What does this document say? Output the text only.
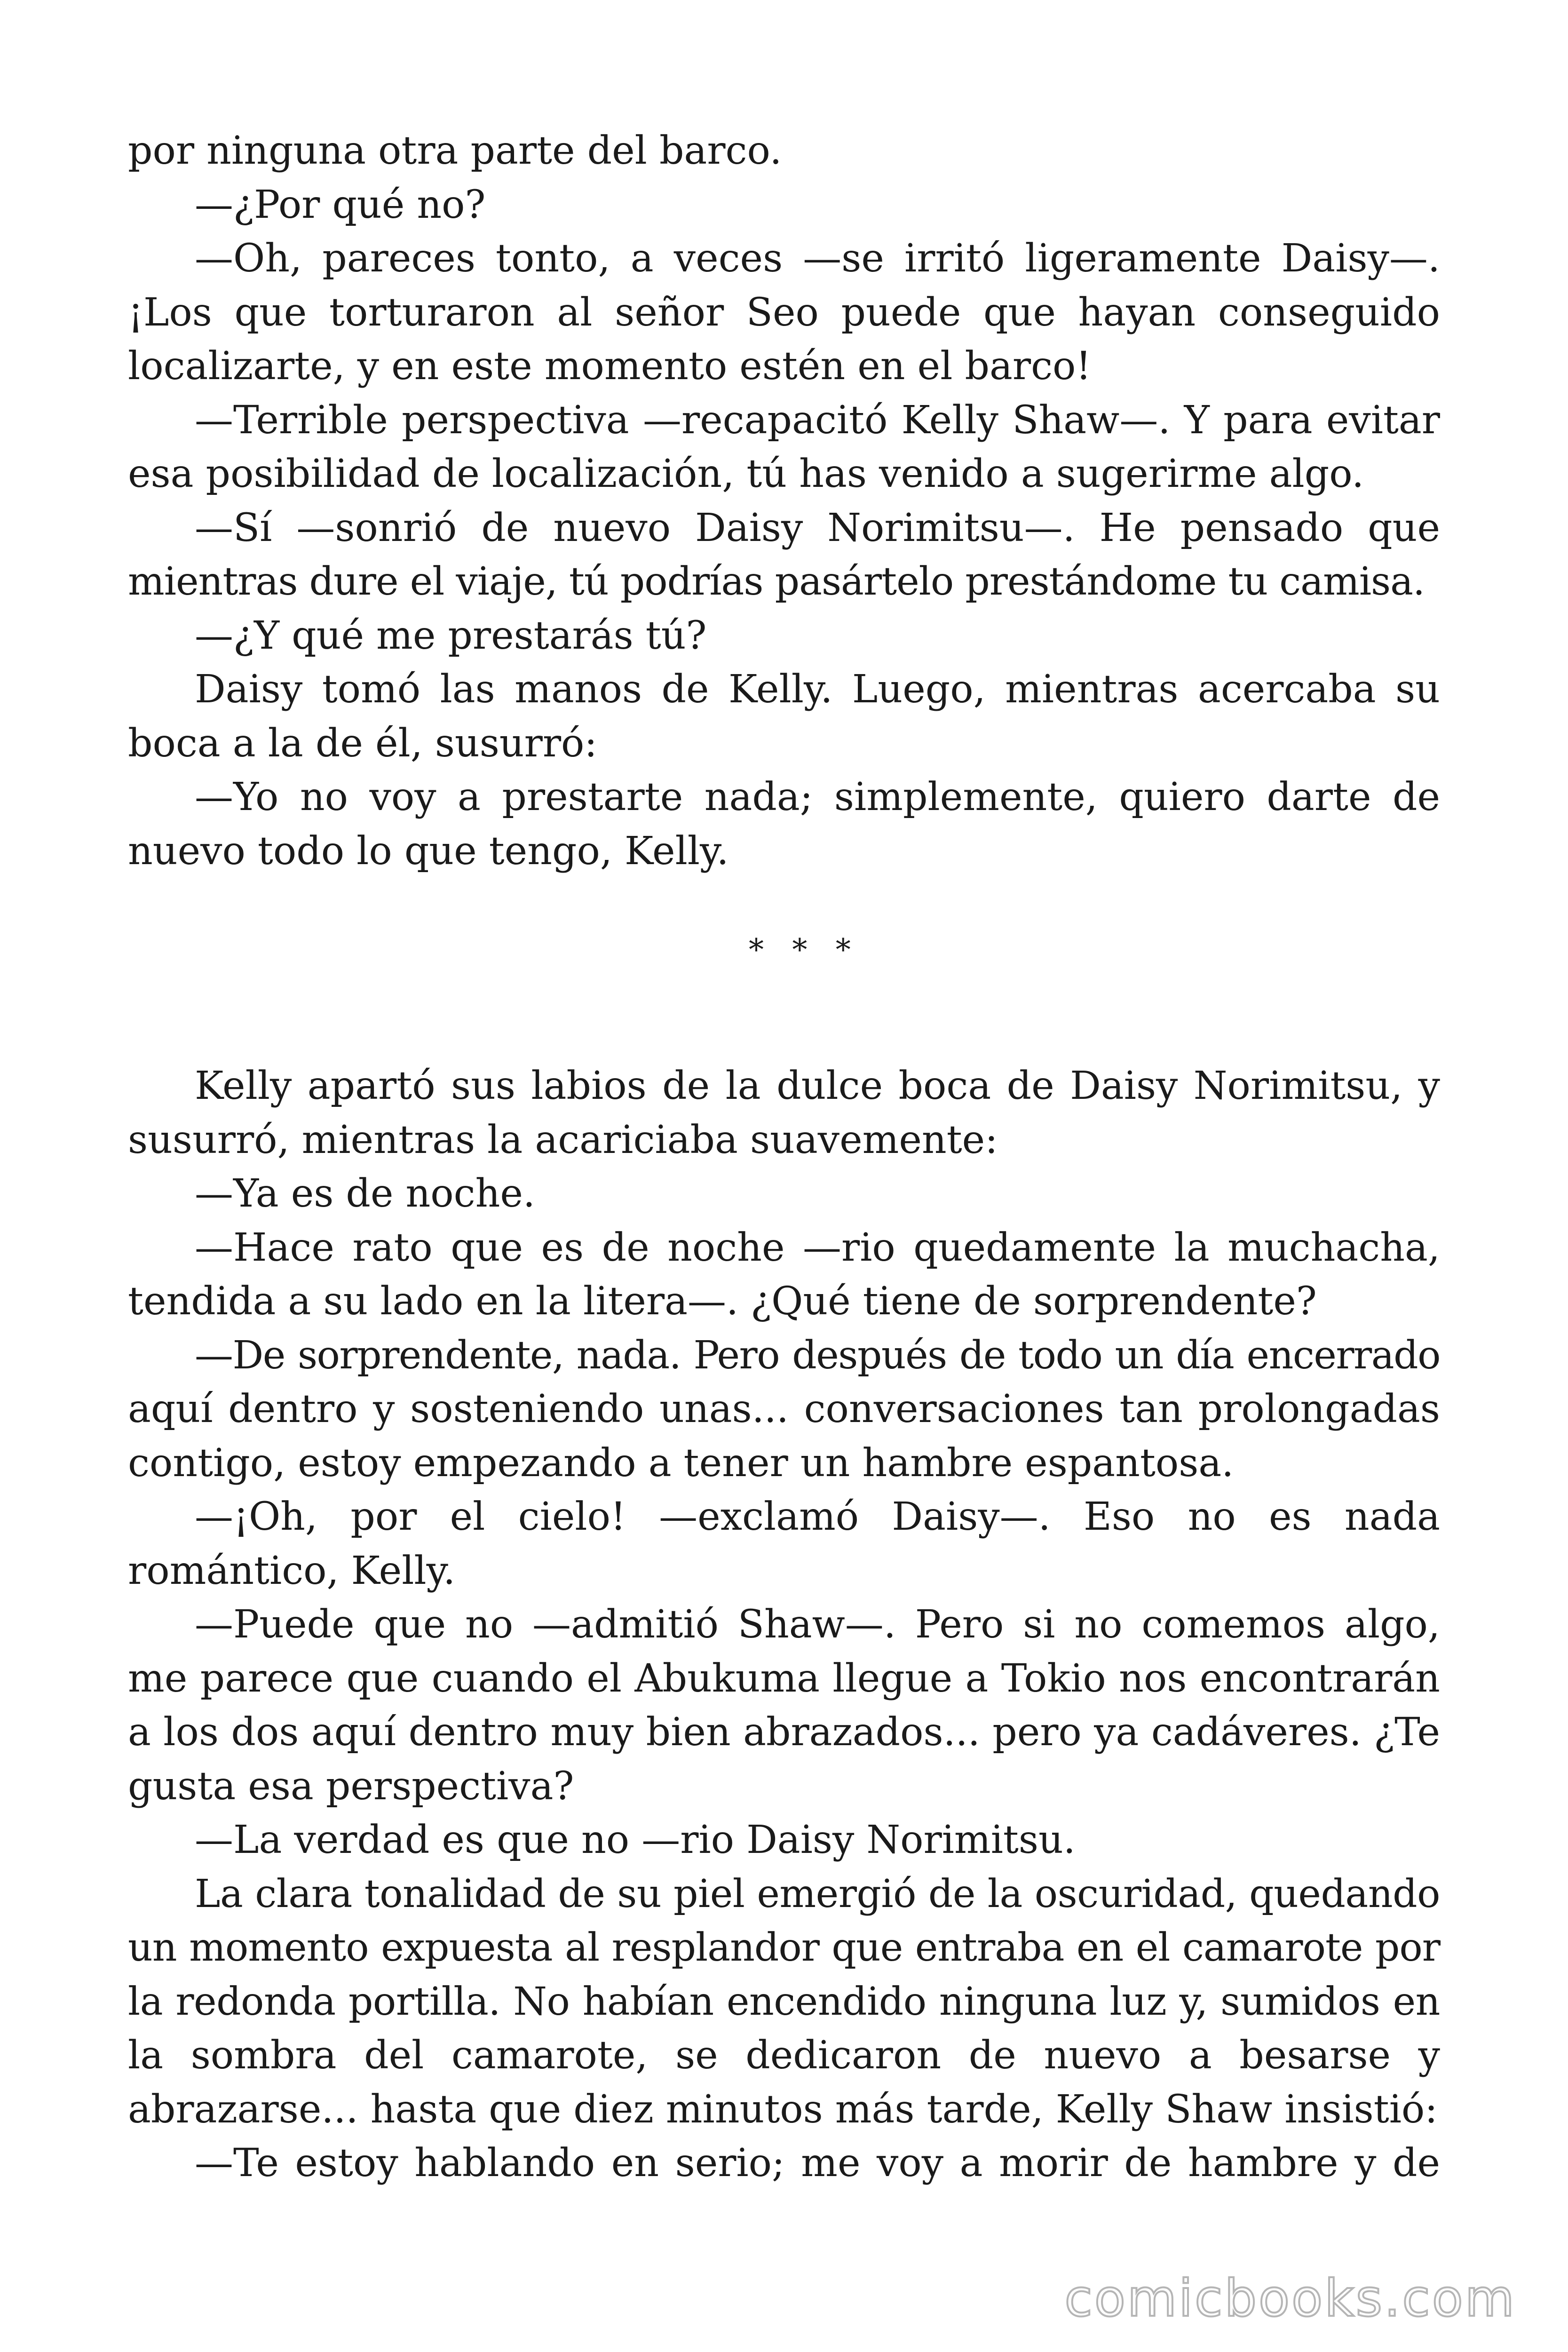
por ninguna otra parte del barco.

—¿Por qué no?

—Oh, pareces tonto, a veces —se irritó ligeramente Daisy—.

¡Los que torturaron al señor Seo puede que hayan conseguido

localizarte, y en este momento estén en el barco!

—Terrible perspectiva —recapacitó Kelly Shaw—. Y para evitar

esa posibilidad de localización, tú has venido a sugerirme algo.

—Sí —sonrió de nuevo Daisy Norimitsu—. He pensado que

mientras dure el viaje, tú podrías pasártelo prestándome tu camisa.

—¿Y qué me prestarás tú?

Daisy tomó las manos de Kelly. Luego, mientras acercaba su

boca a la de él, susurró:

—Yo no voy a prestarte nada; simplemente, quiero darte de

nuevo todo lo que tengo, Kelly.

* * *

Kelly apartó sus labios de la dulce boca de Daisy Norimitsu, y

susurró, mientras la acariciaba suavemente:

—Ya es de noche.

—Hace rato que es de noche —rio quedamente la muchacha,

tendida a su lado en la litera—. ¿Qué tiene de sorprendente?

—De sorprendente, nada. Pero después de todo un día encerrado

aquí dentro y sosteniendo unas... conversaciones tan prolongadas

contigo, estoy empezando a tener un hambre espantosa.

—¡Oh, por el cielo! —exclamó Daisy—. Eso no es nada

romántico, Kelly.

—Puede que no —admitió Shaw—. Pero si no comemos algo,

me parece que cuando el Abukuma llegue a Tokio nos encontrarán

a los dos aquí dentro muy bien abrazados... pero ya cadáveres. ¿Te

gusta esa perspectiva?

—La verdad es que no —rio Daisy Norimitsu.

La clara tonalidad de su piel emergió de la oscuridad, quedando

un momento expuesta al resplandor que entraba en el camarote por

la redonda portilla. No habían encendido ninguna luz y, sumidos en

la sombra del camarote, se dedicaron de nuevo a besarse y

abrazarse... hasta que diez minutos más tarde, Kelly Shaw insistió:

—Te estoy hablando en serio; me voy a morir de hambre y de

comicbooks.com
